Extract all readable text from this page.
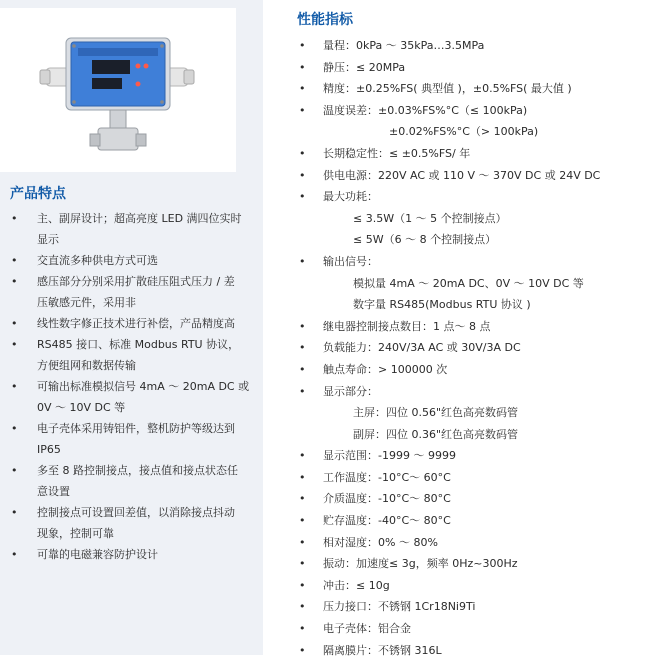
产品特点
• 主、副屏设计；超高亮度 LED 满四位实时
显示
• 交直流多种供电方式可选
• 感压部分分别采用扩散硅压阻式压力 / 差
压敏感元件，采用非
• 线性数字修正技术进行补偿，产品精度高
• RS485 接口、标准 Modbus RTU 协议，
方便组网和数据传输
• 可输出标准模拟信号 4mA ～ 20mA DC 或
0V ～ 10V DC 等
• 电子壳体采用铸铝件，整机防护等级达到
IP65
• 多至 8 路控制接点，接点值和接点状态任
意设置
• 控制接点可设置回差值，以消除接点抖动
现象，控制可靠
• 可靠的电磁兼容防护设计
性能指标
• 量程：0kPa ～ 35kPa…3.5MPa
• 静压：≤ 20MPa
• 精度：±0.25%FS( 典型值 )，±0.5%FS( 最大值 )
• 温度误差：±0.03%FS%°C（≤ 100kPa)
±0.02%FS%°C（> 100kPa)
• 长期稳定性：≤ ±0.5%FS/ 年
• 供电电源：220V AC 或 110 V ～ 370V DC 或 24V DC
• 最大功耗：
≤ 3.5W（1 ～ 5 个控制接点）
≤ 5W（6 ～ 8 个控制接点）
• 输出信号：
模拟量 4mA ～ 20mA DC、0V ～ 10V DC 等
数字量 RS485(Modbus RTU 协议 )
• 继电器控制接点数目：1 点～ 8 点
• 负载能力：240V/3A AC 或 30V/3A DC
• 触点寿命：> 100000 次
• 显示部分：
主屏：四位 0.56"红色高亮数码管
副屏：四位 0.36"红色高亮数码管
• 显示范围：-1999 ～ 9999
• 工作温度：-10°C～ 60°C
• 介质温度：-10°C～ 80°C
• 贮存温度：-40°C～ 80°C
• 相对湿度：0% ～ 80%
• 振动：加速度≤ 3g，频率 0Hz~300Hz
• 冲击：≤ 10g
• 压力接口：不锈钢 1Cr18Ni9Ti
• 电子壳体：铝合金
• 隔离膜片：不锈钢 316L
